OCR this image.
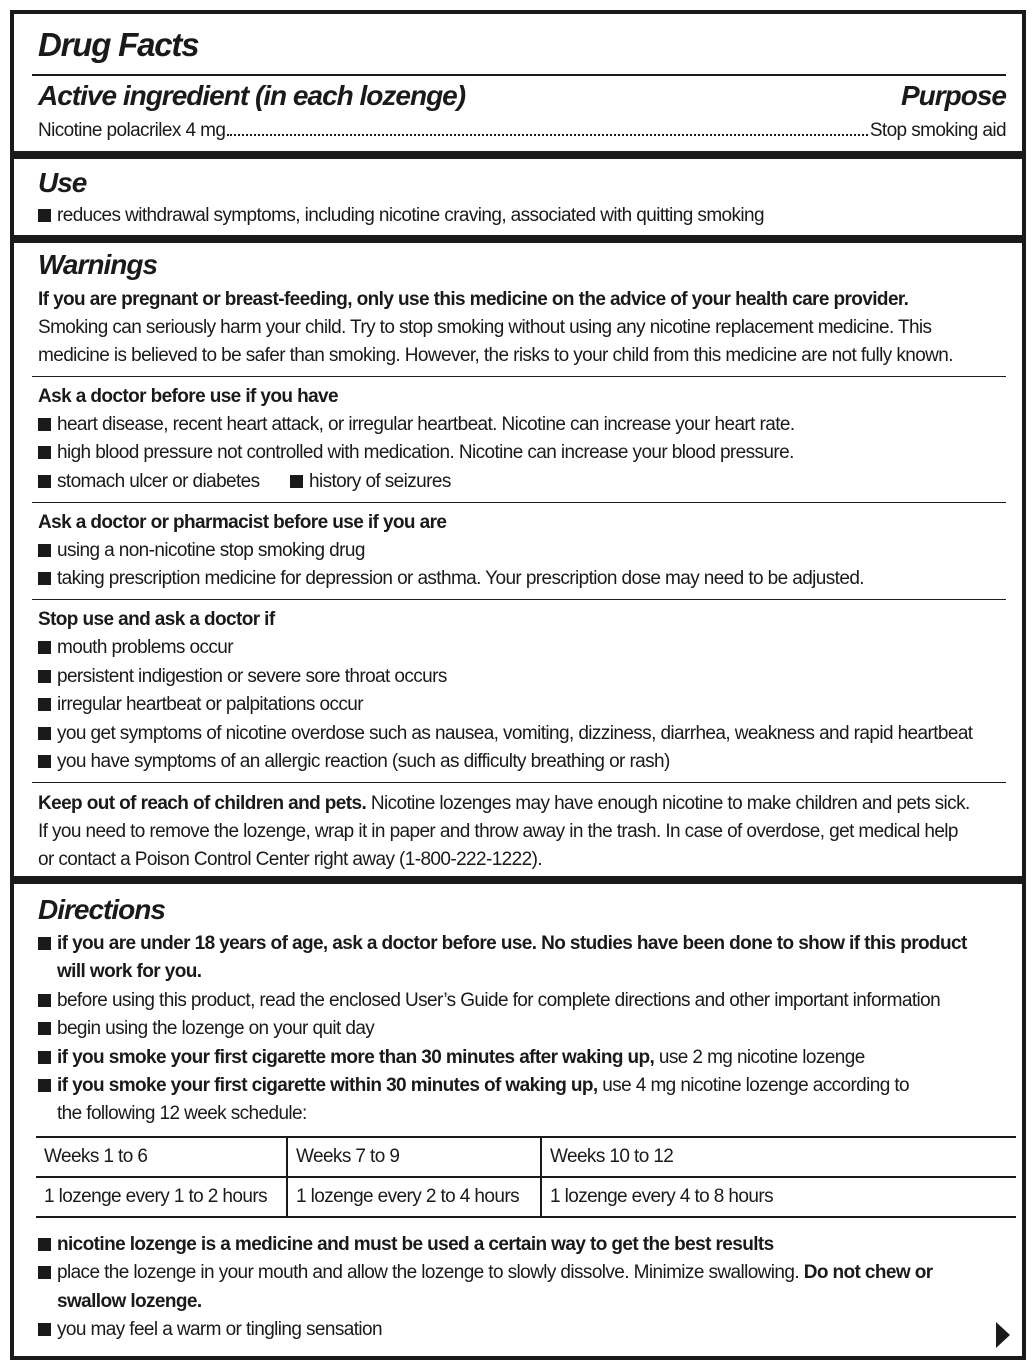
Drug Facts
Active ingredient (in each lozenge)	Purpose
Nicotine polacrilex 4 mg	Stop smoking aid
Use
reduces withdrawal symptoms, including nicotine craving, associated with quitting smoking
Warnings
If you are pregnant or breast-feeding, only use this medicine on the advice of your health care provider.
Smoking can seriously harm your child. Try to stop smoking without using any nicotine replacement medicine. This
medicine is believed to be safer than smoking. However, the risks to your child from this medicine are not fully known.
Ask a doctor before use if you have
heart disease, recent heart attack, or irregular heartbeat. Nicotine can increase your heart rate.
high blood pressure not controlled with medication. Nicotine can increase your blood pressure.
stomach ulcer or diabetes	history of seizures
Ask a doctor or pharmacist before use if you are
using a non-nicotine stop smoking drug
taking prescription medicine for depression or asthma. Your prescription dose may need to be adjusted.
Stop use and ask a doctor if
mouth problems occur
persistent indigestion or severe sore throat occurs
irregular heartbeat or palpitations occur
you get symptoms of nicotine overdose such as nausea, vomiting, dizziness, diarrhea, weakness and rapid heartbeat
you have symptoms of an allergic reaction (such as difficulty breathing or rash)
Keep out of reach of children and pets. Nicotine lozenges may have enough nicotine to make children and pets sick.
If you need to remove the lozenge, wrap it in paper and throw away in the trash. In case of overdose, get medical help
or contact a Poison Control Center right away (1-800-222-1222).
Directions
if you are under 18 years of age, ask a doctor before use. No studies have been done to show if this product
will work for you.
before using this product, read the enclosed User’s Guide for complete directions and other important information
begin using the lozenge on your quit day
if you smoke your first cigarette more than 30 minutes after waking up, use 2 mg nicotine lozenge
if you smoke your first cigarette within 30 minutes of waking up, use 4 mg nicotine lozenge according to
the following 12 week schedule:
Weeks 1 to 6	Weeks 7 to 9	Weeks 10 to 12
1 lozenge every 1 to 2 hours	1 lozenge every 2 to 4 hours	1 lozenge every 4 to 8 hours
nicotine lozenge is a medicine and must be used a certain way to get the best results
place the lozenge in your mouth and allow the lozenge to slowly dissolve. Minimize swallowing. Do not chew or
swallow lozenge.
you may feel a warm or tingling sensation
